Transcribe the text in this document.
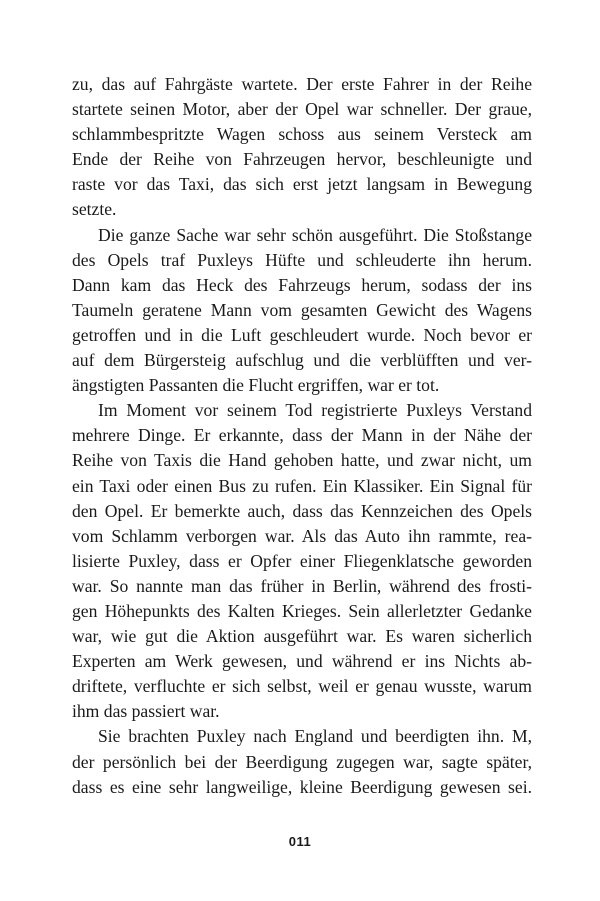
zu, das auf Fahrgäste wartete. Der erste Fahrer in der Reihe
startete seinen Motor, aber der Opel war schneller. Der graue,
schlammbespritzte Wagen schoss aus seinem Versteck am
Ende der Reihe von Fahrzeugen hervor, beschleunigte und
raste vor das Taxi, das sich erst jetzt langsam in Bewegung
setzte.
Die ganze Sache war sehr schön ausgeführt. Die Stoßstange
des Opels traf Puxleys Hüfte und schleuderte ihn herum.
Dann kam das Heck des Fahrzeugs herum, sodass der ins
Taumeln geratene Mann vom gesamten Gewicht des Wagens
getroffen und in die Luft geschleudert wurde. Noch bevor er
auf dem Bürgersteig aufschlug und die verblüfften und ver-
ängstigten Passanten die Flucht ergriffen, war er tot.
Im Moment vor seinem Tod registrierte Puxleys Verstand
mehrere Dinge. Er erkannte, dass der Mann in der Nähe der
Reihe von Taxis die Hand gehoben hatte, und zwar nicht, um
ein Taxi oder einen Bus zu rufen. Ein Klassiker. Ein Signal für
den Opel. Er bemerkte auch, dass das Kennzeichen des Opels
vom Schlamm verborgen war. Als das Auto ihn rammte, rea-
lisierte Puxley, dass er Opfer einer Fliegenklatsche geworden
war. So nannte man das früher in Berlin, während des frosti-
gen Höhepunkts des Kalten Krieges. Sein allerletzter Gedanke
war, wie gut die Aktion ausgeführt war. Es waren sicherlich
Experten am Werk gewesen, und während er ins Nichts ab-
driftete, verfluchte er sich selbst, weil er genau wusste, warum
ihm das passiert war.
Sie brachten Puxley nach England und beerdigten ihn. M,
der persönlich bei der Beerdigung zugegen war, sagte später,
dass es eine sehr langweilige, kleine Beerdigung gewesen sei.
011
